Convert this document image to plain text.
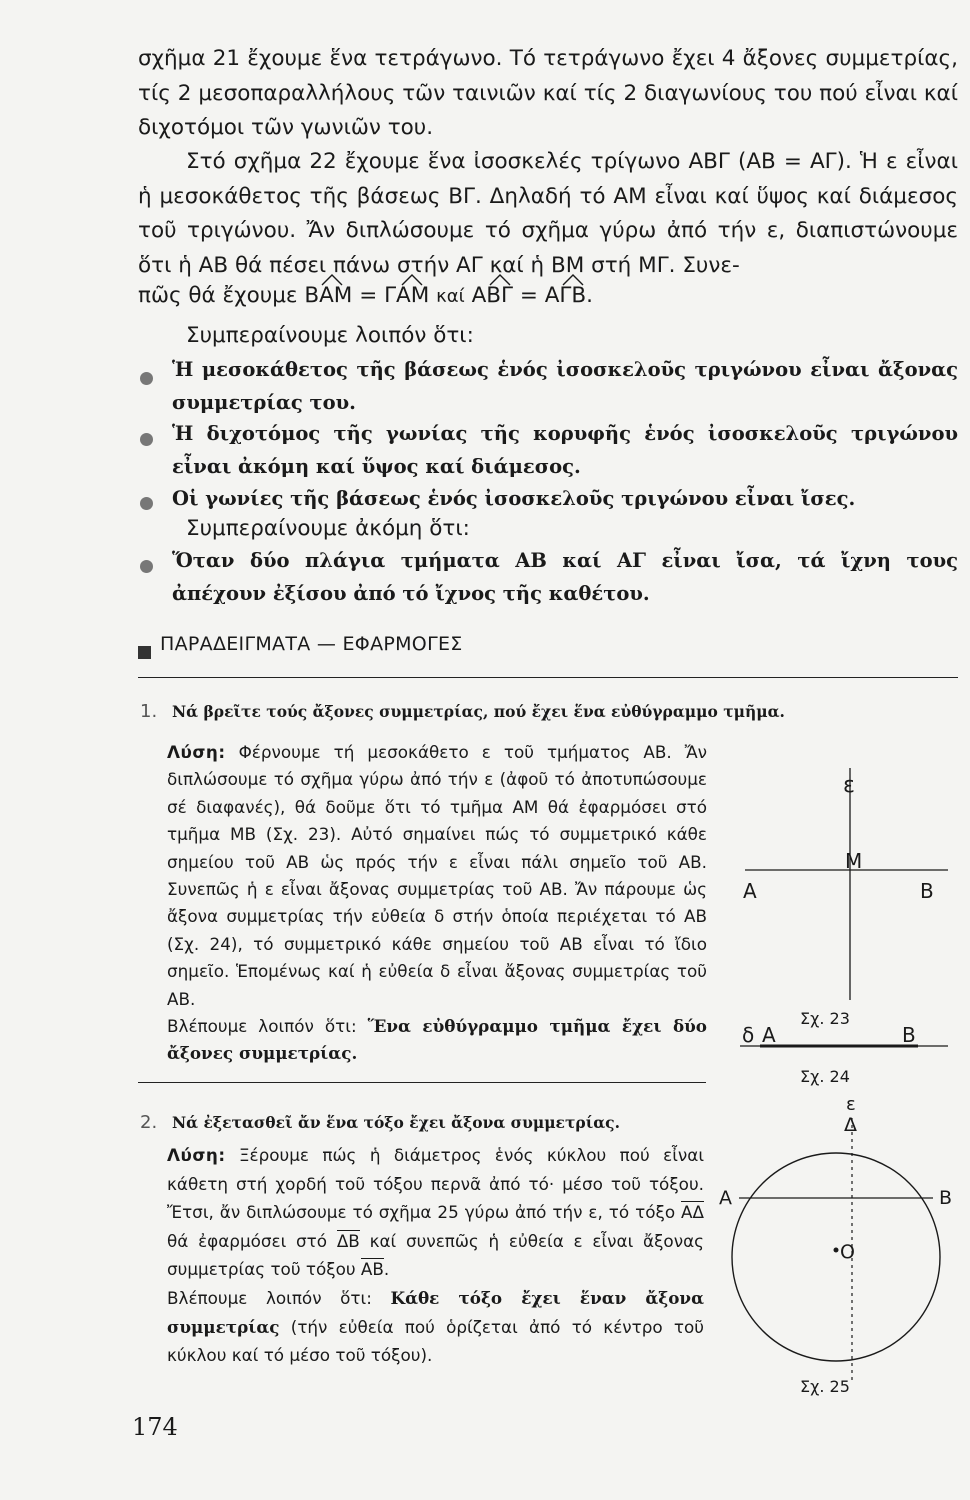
σχῆμα 21 ἔχουμε ἕνα τετράγωνο. Τό τετράγωνο ἔχει 4 ἄξονες συμμετρίας, τίς 2 μεσοπαραλλήλους τῶν ταινιῶν καί τίς 2 διαγωνίους του πού εἶναι καί διχοτόμοι τῶν γωνιῶν του.
Στό σχῆμα 22 ἔχουμε ἕνα ἰσοσκελές τρίγωνο ΑΒΓ (ΑΒ = ΑΓ). Ἡ ε εἶναι ἡ μεσοκάθετος τῆς βάσεως ΒΓ. Δηλαδή τό ΑΜ εἶναι καί ὕψος καί διάμεσος τοῦ τριγώνου. Ἄν διπλώσουμε τό σχῆμα γύρω ἀπό τήν ε, διαπιστώνουμε ὅτι ἡ ΑΒ θά πέσει πάνω στήν ΑΓ καί ἡ ΒΜ στή ΜΓ. Συνε-
πῶς θά ἔχουμε ΒΑΜ = ΓΑΜ καί ΑΒΓ = ΑΓΒ.
Συμπεραίνουμε λοιπόν ὅτι:
Ἡ μεσοκάθετος τῆς βάσεως ἑνός ἰσοσκελοῦς τριγώνου εἶναι ἄξονας συμμετρίας του.
Ἡ διχοτόμος τῆς γωνίας τῆς κορυφῆς ἑνός ἰσοσκελοῦς τριγώνου εἶναι ἀκόμη καί ὕψος καί διάμεσος.
Οἱ γωνίες τῆς βάσεως ἑνός ἰσοσκελοῦς τριγώνου εἶναι ἴσες.
Συμπεραίνουμε ἀκόμη ὅτι:
Ὅταν δύο πλάγια τμήματα ΑΒ καί ΑΓ εἶναι ἴσα, τά ἴχνη τους ἀπέχουν ἐξίσου ἀπό τό ἴχνος τῆς καθέτου.
ΠΑΡΑΔΕΙΓΜΑΤΑ — ΕΦΑΡΜΟΓΕΣ
1. Νά βρεῖτε τούς ἄξονες συμμετρίας, πού ἔχει ἕνα εὐθύγραμμο τμῆμα.
Λύση: Φέρνουμε τή μεσοκάθετο ε τοῦ τμήματος ΑΒ. Ἄν διπλώσουμε τό σχῆμα γύρω ἀπό τήν ε (ἀφοῦ τό ἀποτυπώσουμε σέ διαφανές), θά δοῦμε ὅτι τό τμῆμα ΑΜ θά ἐφαρμόσει στό τμῆμα ΜΒ (Σχ. 23). Αὐτό σημαίνει πώς τό συμμετρικό κάθε σημείου τοῦ ΑΒ ὡς πρός τήν ε εἶναι πάλι σημεῖο τοῦ ΑΒ. Συνεπῶς ἡ ε εἶναι ἄξονας συμμετρίας τοῦ ΑΒ. Ἄν πάρουμε ὡς ἄξονα συμμετρίας τήν εὐθεία δ στήν ὁποία περιέχεται τό ΑΒ (Σχ. 24), τό συμμετρικό κάθε σημείου τοῦ ΑΒ εἶναι τό ἴδιο σημεῖο. Ἑπομένως καί ἡ εὐθεία δ εἶναι ἄξονας συμμετρίας τοῦ ΑΒ.
Βλέπουμε λοιπόν ὅτι: Ἕνα εὐθύγραμμο τμῆμα ἔχει δύο ἄξονες συμμετρίας.
2. Νά ἐξετασθεῖ ἄν ἕνα τόξο ἔχει ἄξονα συμμετρίας.
Λύση: Ξέρουμε πώς ἡ διάμετρος ἑνός κύκλου πού εἶναι κάθετη στή χορδή τοῦ τόξου περνᾶ ἀπό τό· μέσο τοῦ τόξου. Ἔτσι, ἄν διπλώσουμε τό σχῆμα 25 γύρω ἀπό τήν ε, τό τόξο ΑΔ θά ἐφαρμόσει στό ΔΒ καί συνεπῶς ἡ εὐθεία ε εἶναι ἄξονας συμμετρίας τοῦ τόξου ΑΒ.
Βλέπουμε λοιπόν ὅτι: Κάθε τόξο ἔχει ἕναν ἄξονα συμμετρίας (τήν εὐθεία πού ὁρίζεται ἀπό τό κέντρο τοῦ κύκλου καί τό μέσο τοῦ τόξου).
ε
Μ
Α	Β
Σχ. 23
δ Α	Β
Σχ. 24
ε
Δ
Α	Β
Ο
Σχ. 25
174
